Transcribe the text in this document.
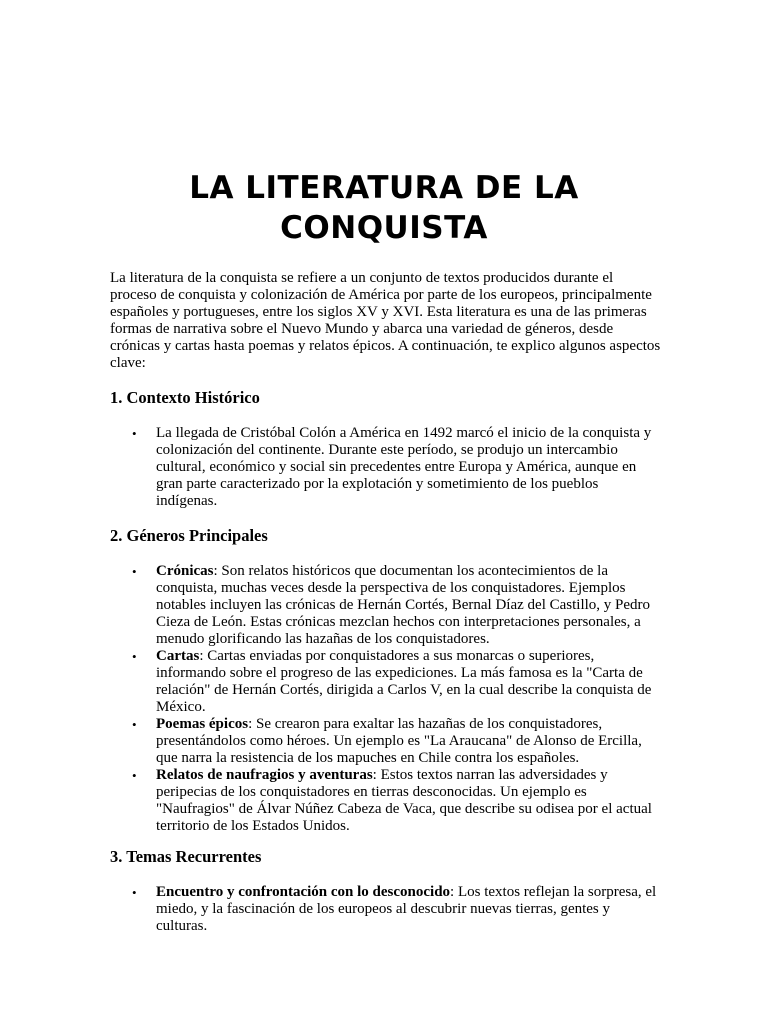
LA LITERATURA DE LA CONQUISTA

La literatura de la conquista se refiere a un conjunto de textos producidos durante el proceso de conquista y colonización de América por parte de los europeos, principalmente españoles y portugueses, entre los siglos XV y XVI. Esta literatura es una de las primeras formas de narrativa sobre el Nuevo Mundo y abarca una variedad de géneros, desde crónicas y cartas hasta poemas y relatos épicos. A continuación, te explico algunos aspectos clave:

1. Contexto Histórico
• La llegada de Cristóbal Colón a América en 1492 marcó el inicio de la conquista y colonización del continente. Durante este período, se produjo un intercambio cultural, económico y social sin precedentes entre Europa y América, aunque en gran parte caracterizado por la explotación y sometimiento de los pueblos indígenas.
2. Géneros Principales
• Crónicas: Son relatos históricos que documentan los acontecimientos de la conquista, muchas veces desde la perspectiva de los conquistadores. Ejemplos notables incluyen las crónicas de Hernán Cortés, Bernal Díaz del Castillo, y Pedro Cieza de León. Estas crónicas mezclan hechos con interpretaciones personales, a menudo glorificando las hazañas de los conquistadores.
• Cartas: Cartas enviadas por conquistadores a sus monarcas o superiores, informando sobre el progreso de las expediciones. La más famosa es la "Carta de relación" de Hernán Cortés, dirigida a Carlos V, en la cual describe la conquista de México.
• Poemas épicos: Se crearon para exaltar las hazañas de los conquistadores, presentándolos como héroes. Un ejemplo es "La Araucana" de Alonso de Ercilla, que narra la resistencia de los mapuches en Chile contra los españoles.
• Relatos de naufragios y aventuras: Estos textos narran las adversidades y peripecias de los conquistadores en tierras desconocidas. Un ejemplo es "Naufragios" de Álvar Núñez Cabeza de Vaca, que describe su odisea por el actual territorio de los Estados Unidos.
3. Temas Recurrentes
• Encuentro y confrontación con lo desconocido: Los textos reflejan la sorpresa, el miedo, y la fascinación de los europeos al descubrir nuevas tierras, gentes y culturas.
